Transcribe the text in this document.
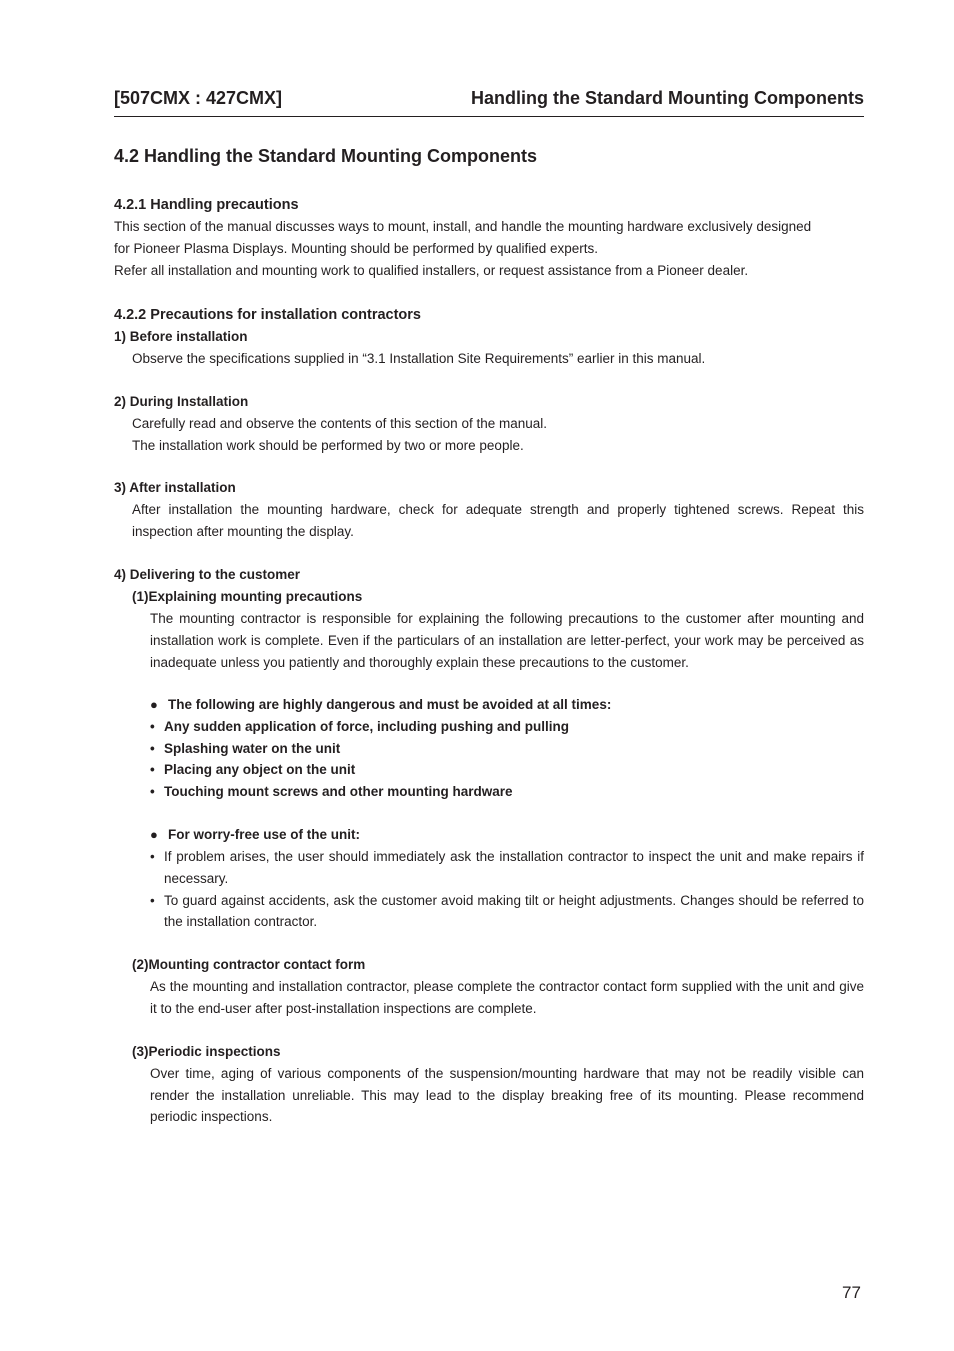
[507CMX : 427CMX]	Handling the Standard Mounting Components
4.2 Handling the Standard Mounting Components

4.2.1 Handling precautions

This section of the manual discusses ways to mount, install, and handle the mounting hardware exclusively designed

for Pioneer Plasma Displays. Mounting should be performed by qualified experts.

Refer all installation and mounting work to qualified installers, or request assistance from a Pioneer dealer.

4.2.2 Precautions for installation contractors

1) Before installation

Observe the specifications supplied in “3.1 Installation Site Requirements” earlier in this manual.

2) During Installation

Carefully read and observe the contents of this section of the manual.

The installation work should be performed by two or more people.

3) After installation

After installation the mounting hardware, check for adequate strength and properly tightened screws. Repeat this inspection after mounting the display.

4) Delivering to the customer

(1)Explaining mounting precautions

The mounting contractor is responsible for explaining the following precautions to the customer after mounting and installation work is complete. Even if the particulars of an installation are letter-perfect, your work may be perceived as inadequate unless you patiently and thoroughly explain these precautions to the customer.

● The following are highly dangerous and must be avoided at all times:
• Any sudden application of force, including pushing and pulling
• Splashing water on the unit
• Placing any object on the unit
• Touching mount screws and other mounting hardware
● For worry-free use of the unit:
• If problem arises, the user should immediately ask the installation contractor to inspect the unit and make repairs if necessary.
• To guard against accidents, ask the customer avoid making tilt or height adjustments. Changes should be referred to the installation contractor.

(2)Mounting contractor contact form

As the mounting and installation contractor, please complete the contractor contact form supplied with the unit and give it to the end-user after post-installation inspections are complete.

(3)Periodic inspections

Over time, aging of various components of the suspension/mounting hardware that may not be readily visible can render the installation unreliable. This may lead to the display breaking free of its mounting. Please recommend periodic inspections.

77
